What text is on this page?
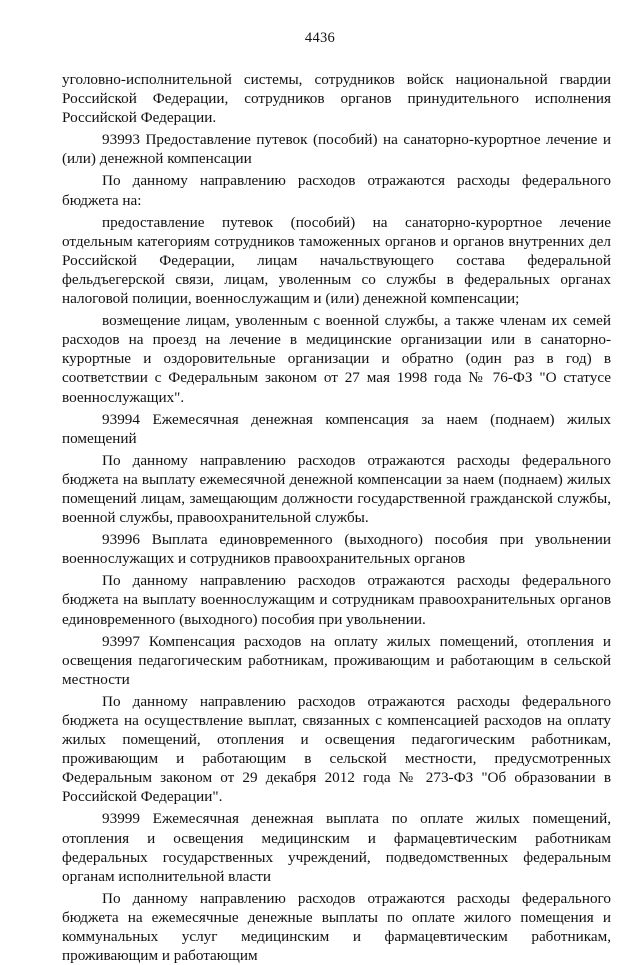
4436

уголовно-исполнительной системы, сотрудников войск национальной гвардии Российской Федерации, сотрудников органов принудительного исполнения Российской Федерации.

93993 Предоставление путевок (пособий) на санаторно-курортное лечение и (или) денежной компенсации

По данному направлению расходов отражаются расходы федерального бюджета на:

предоставление путевок (пособий) на санаторно-курортное лечение отдельным категориям сотрудников таможенных органов и органов внутренних дел Российской Федерации, лицам начальствующего состава федеральной фельдъегерской связи, лицам, уволенным со службы в федеральных органах налоговой полиции, военнослужащим и (или) денежной компенсации;

возмещение лицам, уволенным с военной службы, а также членам их семей расходов на проезд на лечение в медицинские организации или в санаторно-курортные и оздоровительные организации и обратно (один раз в год) в соответствии с Федеральным законом от 27 мая 1998 года № 76-ФЗ "О статусе военнослужащих".

93994 Ежемесячная денежная компенсация за наем (поднаем) жилых помещений

По данному направлению расходов отражаются расходы федерального бюджета на выплату ежемесячной денежной компенсации за наем (поднаем) жилых помещений лицам, замещающим должности государственной гражданской службы, военной службы, правоохранительной службы.

93996 Выплата единовременного (выходного) пособия при увольнении военнослужащих и сотрудников правоохранительных органов

По данному направлению расходов отражаются расходы федерального бюджета на выплату военнослужащим и сотрудникам правоохранительных органов единовременного (выходного) пособия при увольнении.

93997 Компенсация расходов на оплату жилых помещений, отопления и освещения педагогическим работникам, проживающим и работающим в сельской местности

По данному направлению расходов отражаются расходы федерального бюджета на осуществление выплат, связанных с компенсацией расходов на оплату жилых помещений, отопления и освещения педагогическим работникам, проживающим и работающим в сельской местности, предусмотренных Федеральным законом от 29 декабря 2012 года № 273-ФЗ "Об образовании в Российской Федерации".

93999 Ежемесячная денежная выплата по оплате жилых помещений, отопления и освещения медицинским и фармацевтическим работникам федеральных государственных учреждений, подведомственных федеральным органам исполнительной власти

По данному направлению расходов отражаются расходы федерального бюджета на ежемесячные денежные выплаты по оплате жилого помещения и коммунальных услуг медицинским и фармацевтическим работникам, проживающим и работающим
